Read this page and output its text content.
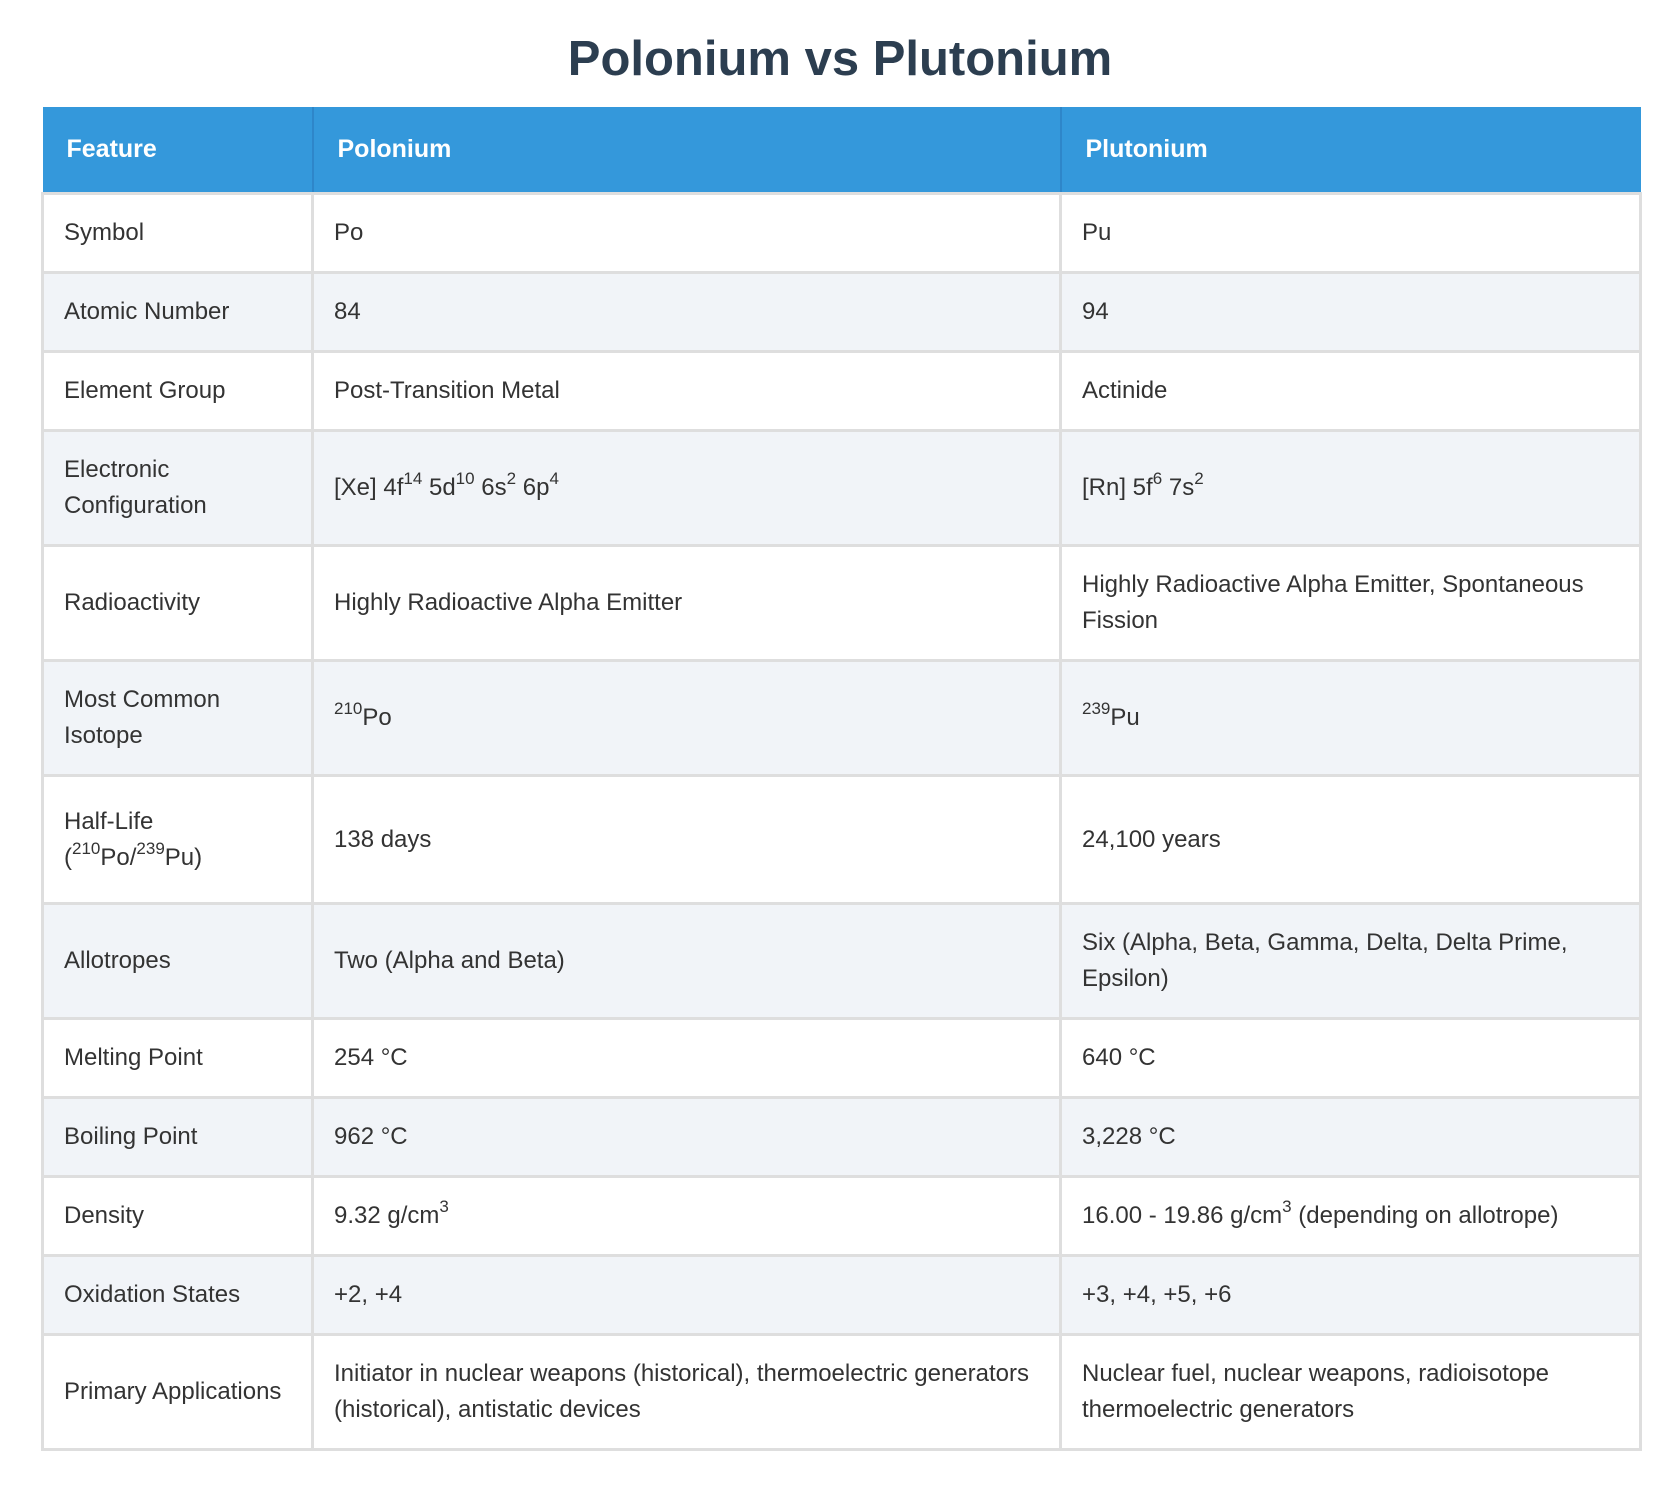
Polonium vs Plutonium
Feature	Polonium	Plutonium
Symbol	Po	Pu
Atomic Number	84	94
Element Group	Post-Transition Metal	Actinide
Electronic Configuration	[Xe] $4f^{14}$ $5d^{10}$ $6s^2$ $6p^4$	[Rn] $5f^6$ $7s^2$
Radioactivity	Highly Radioactive Alpha Emitter	Highly Radioactive Alpha Emitter, Spontaneous Fission
Most Common Isotope	$^{210}$Po	$^{239}$Pu
Half-Life ($^{210}$Po/$^{239}$Pu)	138 days	24,100 years
Allotropes	Two (Alpha and Beta)	Six (Alpha, Beta, Gamma, Delta, Delta Prime, Epsilon)
Melting Point	254 °C	640 °C
Boiling Point	962 °C	3,228 °C
Density	9.32 $g/cm^3$	16.00 - 19.86 $g/cm^3$ (depending on allotrope)
Oxidation States	+2, +4	+3, +4, +5, +6
Primary Applications	Initiator in nuclear weapons (historical), thermoelectric generators (historical), antistatic devices	Nuclear fuel, nuclear weapons, radioisotope thermoelectric generators
